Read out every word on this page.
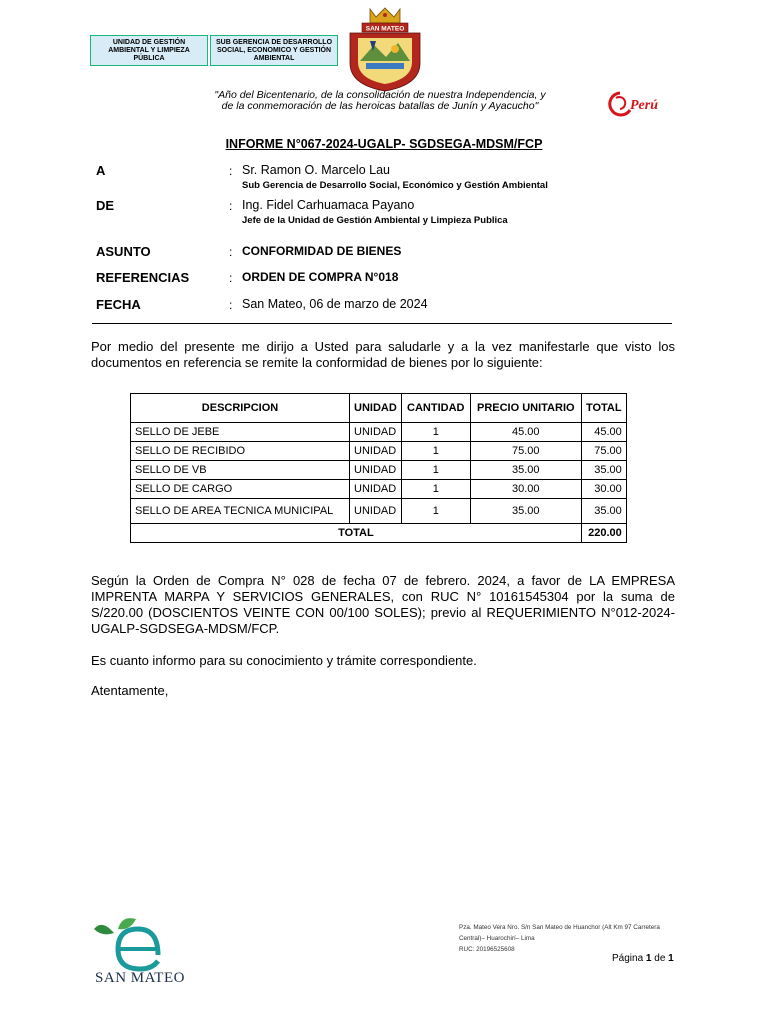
UNIDAD DE GESTIÓN AMBIENTAL Y LIMPIEZA PÚBLICA
SUB GERENCIA DE DESARROLLO SOCIAL, ECONOMICO Y GESTIÓN AMBIENTAL
SAN MATEO
"Año del Bicentenario, de la consolidación de nuestra Independencia, y
de la conmemoración de las heroicas batallas de Junín y Ayacucho"	Perú
INFORME N°067-2024-UGALP- SGDSEGA-MDSM/FCP
A	: Sr. Ramon O. Marcelo Lau
Sub Gerencia de Desarrollo Social, Económico y Gestión Ambiental
DE	: Ing. Fidel Carhuamaca Payano
Jefe de la Unidad de Gestión Ambiental y Limpieza Publica
ASUNTO	: CONFORMIDAD DE BIENES
REFERENCIAS	: ORDEN DE COMPRA N°018
FECHA	: San Mateo, 06 de marzo de 2024
Por medio del presente me dirijo a Usted para saludarle y a la vez manifestarle que visto los documentos en referencia se remite la conformidad de bienes por lo siguiente:
DESCRIPCION	UNIDAD	CANTIDAD	PRECIO UNITARIO	TOTAL
SELLO DE JEBE	UNIDAD	1	45.00	45.00
SELLO DE RECIBIDO	UNIDAD	1	75.00	75.00
SELLO DE VB	UNIDAD	1	35.00	35.00
SELLO DE CARGO	UNIDAD	1	30.00	30.00
SELLO DE AREA TECNICA MUNICIPAL	UNIDAD	1	35.00	35.00
TOTAL				220.00
Según la Orden de Compra N° 028 de fecha 07 de febrero. 2024, a favor de LA EMPRESA IMPRENTA MARPA Y SERVICIOS GENERALES, con RUC N° 10161545304 por la suma de S/220.00 (DOSCIENTOS VEINTE CON 00/100 SOLES); previo al REQUERIMIENTO N°012-2024-UGALP-SGDSEGA-MDSM/FCP.
Es cuanto informo para su conocimiento y trámite correspondiente.
Atentamente,
SAN MATEO
Pza. Mateo Vera Nro. S/n San Mateo de Huanchor (Alt Km 97 Carretera
Central)– Huarochirí– Lima
RUC: 20196525608
Página 1 de 1
